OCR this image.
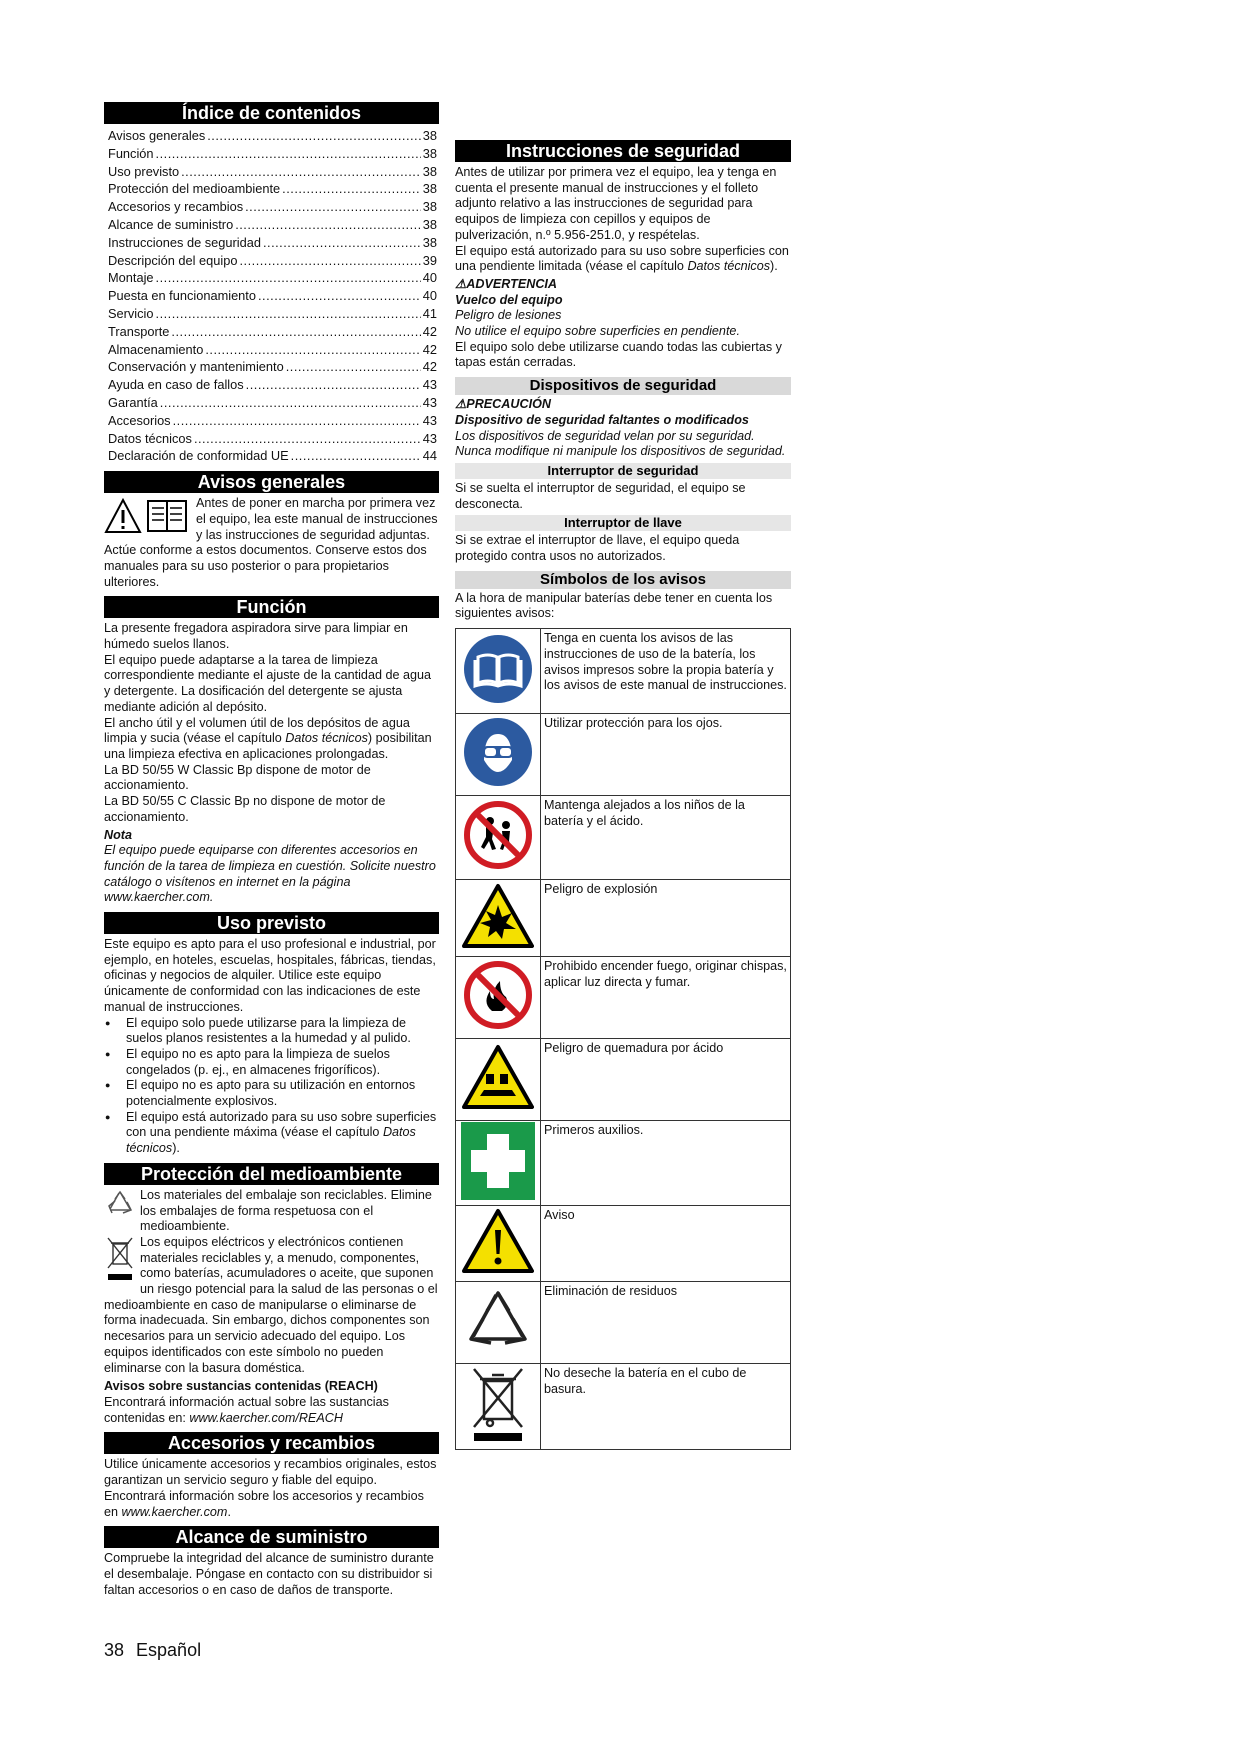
Índice de contenidos
Avisos generales .....	38
Función .....	38
Uso previsto .....	38
Protección del medioambiente .....	38
Accesorios y recambios .....	38
Alcance de suministro .....	38
Instrucciones de seguridad .....	38
Descripción del equipo .....	39
Montaje .....	40
Puesta en funcionamiento .....	40
Servicio .....	41
Transporte .....	42
Almacenamiento .....	42
Conservación y mantenimiento .....	42
Ayuda en caso de fallos .....	43
Garantía .....	43
Accesorios .....	43
Datos técnicos .....	43
Declaración de conformidad UE .....	44
Avisos generales

Antes de poner en marcha por primera vez el equipo, lea este manual de instrucciones y las instrucciones de seguridad adjuntas. Actúe conforme a estos documentos. Conserve estos dos manuales para su uso posterior o para propietarios ulteriores.

Función

La presente fregadora aspiradora sirve para limpiar en húmedo suelos llanos.

El equipo puede adaptarse a la tarea de limpieza correspondiente mediante el ajuste de la cantidad de agua y detergente. La dosificación del detergente se ajusta mediante adición al depósito.

El ancho útil y el volumen útil de los depósitos de agua limpia y sucia (véase el capítulo Datos técnicos) posibilitan una limpieza efectiva en aplicaciones prolongadas.

La BD 50/55 W Classic Bp dispone de motor de accionamiento.

La BD 50/55 C Classic Bp no dispone de motor de accionamiento.

Nota

El equipo puede equiparse con diferentes accesorios en función de la tarea de limpieza en cuestión. Solicite nuestro catálogo o visítenos en internet en la página www.kaercher.com.

Uso previsto

Este equipo es apto para el uso profesional e industrial, por ejemplo, en hoteles, escuelas, hospitales, fábricas, tiendas, oficinas y negocios de alquiler. Utilice este equipo únicamente de conformidad con las indicaciones de este manual de instrucciones.

● El equipo solo puede utilizarse para la limpieza de suelos planos resistentes a la humedad y al pulido.
● El equipo no es apto para la limpieza de suelos congelados (p. ej., en almacenes frigoríficos).
● El equipo no es apto para su utilización en entornos potencialmente explosivos.
● El equipo está autorizado para su uso sobre superficies con una pendiente máxima (véase el capítulo Datos técnicos).
Protección del medioambiente

Los materiales del embalaje son reciclables. Elimine los embalajes de forma respetuosa con el medioambiente.

Los equipos eléctricos y electrónicos contienen materiales reciclables y, a menudo, componentes, como baterías, acumuladores o aceite, que suponen un riesgo potencial para la salud de las personas o el medioambiente en caso de manipularse o eliminarse de forma inadecuada. Sin embargo, dichos componentes son necesarios para un servicio adecuado del equipo. Los equipos identificados con este símbolo no pueden eliminarse con la basura doméstica.

Avisos sobre sustancias contenidas (REACH)

Encontrará información actual sobre las sustancias contenidas en: www.kaercher.com/REACH

Accesorios y recambios

Utilice únicamente accesorios y recambios originales, estos garantizan un servicio seguro y fiable del equipo. Encontrará información sobre los accesorios y recambios en www.kaercher.com.

Alcance de suministro

Compruebe la integridad del alcance de suministro durante el desembalaje. Póngase en contacto con su distribuidor si faltan accesorios o en caso de daños de transporte.

Instrucciones de seguridad

Antes de utilizar por primera vez el equipo, lea y tenga en cuenta el presente manual de instrucciones y el folleto adjunto relativo a las instrucciones de seguridad para equipos de limpieza con cepillos y equipos de pulverización, n.º 5.956-251.0, y respételas.

El equipo está autorizado para su uso sobre superficies con una pendiente limitada (véase el capítulo Datos técnicos).

⚠ADVERTENCIA

Vuelco del equipo

Peligro de lesiones

No utilice el equipo sobre superficies en pendiente.

El equipo solo debe utilizarse cuando todas las cubiertas y tapas están cerradas.

Dispositivos de seguridad

⚠PRECAUCIÓN

Dispositivo de seguridad faltantes o modificados

Los dispositivos de seguridad velan por su seguridad. Nunca modifique ni manipule los dispositivos de seguridad.

Interruptor de seguridad

Si se suelta el interruptor de seguridad, el equipo se desconecta.

Interruptor de llave

Si se extrae el interruptor de llave, el equipo queda protegido contra usos no autorizados.

Símbolos de los avisos

A la hora de manipular baterías debe tener en cuenta los siguientes avisos:

	Tenga en cuenta los avisos de las instrucciones de uso de la batería, los avisos impresos sobre la propia batería y los avisos de este manual de instrucciones.
	Utilizar protección para los ojos.
	Mantenga alejados a los niños de la batería y el ácido.
	Peligro de explosión
	Prohibido encender fuego, originar chispas, aplicar luz directa y fumar.
	Peligro de quemadura por ácido
	Primeros auxilios.
	Aviso
	Eliminación de residuos
	No deseche la batería en el cubo de basura.
38 Español
